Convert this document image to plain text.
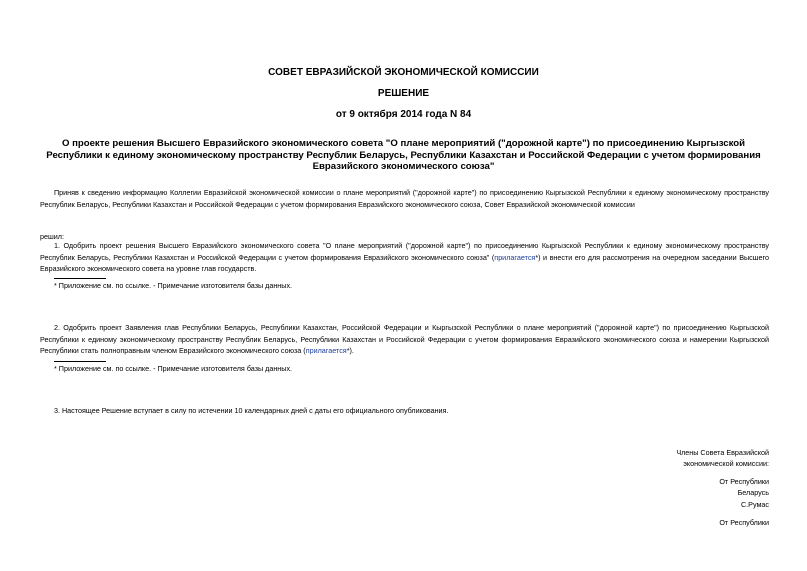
СОВЕТ ЕВРАЗИЙСКОЙ ЭКОНОМИЧЕСКОЙ КОМИССИИ
РЕШЕНИЕ
от 9 октября 2014 года N 84
О проекте решения Высшего Евразийского экономического совета "О плане мероприятий ("дорожной карте") по присоединению Кыргызской Республики к единому экономическому пространству Республик Беларусь, Республики Казахстан и Российской Федерации с учетом формирования Евразийского экономического союза"
Приняв к сведению информацию Коллегии Евразийской экономической комиссии о плане мероприятий ("дорожной карте") по присоединению Кыргызской Республики к единому экономическому пространству Республик Беларусь, Республики Казахстан и Российской Федерации с учетом формирования Евразийского экономического союза, Совет Евразийской экономической комиссии
решил:
1. Одобрить проект решения Высшего Евразийского экономического совета "О плане мероприятий ("дорожной карте") по присоединению Кыргызской Республики к единому экономическому пространству Республик Беларусь, Республики Казахстан и Российской Федерации с учетом формирования Евразийского экономического союза" (прилагается*) и внести его для рассмотрения на очередном заседании Высшего Евразийского экономического совета на уровне глав государств.
* Приложение см. по ссылке. - Примечание изготовителя базы данных.
2. Одобрить проект Заявления глав Республики Беларусь, Республики Казахстан, Российской Федерации и Кыргызской Республики о плане мероприятий ("дорожной карте") по присоединению Кыргызской Республики к единому экономическому пространству Республик Беларусь, Республики Казахстан и Российской Федерации с учетом формирования Евразийского экономического союза и намерении Кыргызской Республики стать полноправным членом Евразийского экономического союза (прилагается*).
* Приложение см. по ссылке. - Примечание изготовителя базы данных.
3. Настоящее Решение вступает в силу по истечении 10 календарных дней с даты его официального опубликования.
Члены Совета Евразийской
экономической комиссии:
От Республики
Беларусь
С.Румас
От Республики
